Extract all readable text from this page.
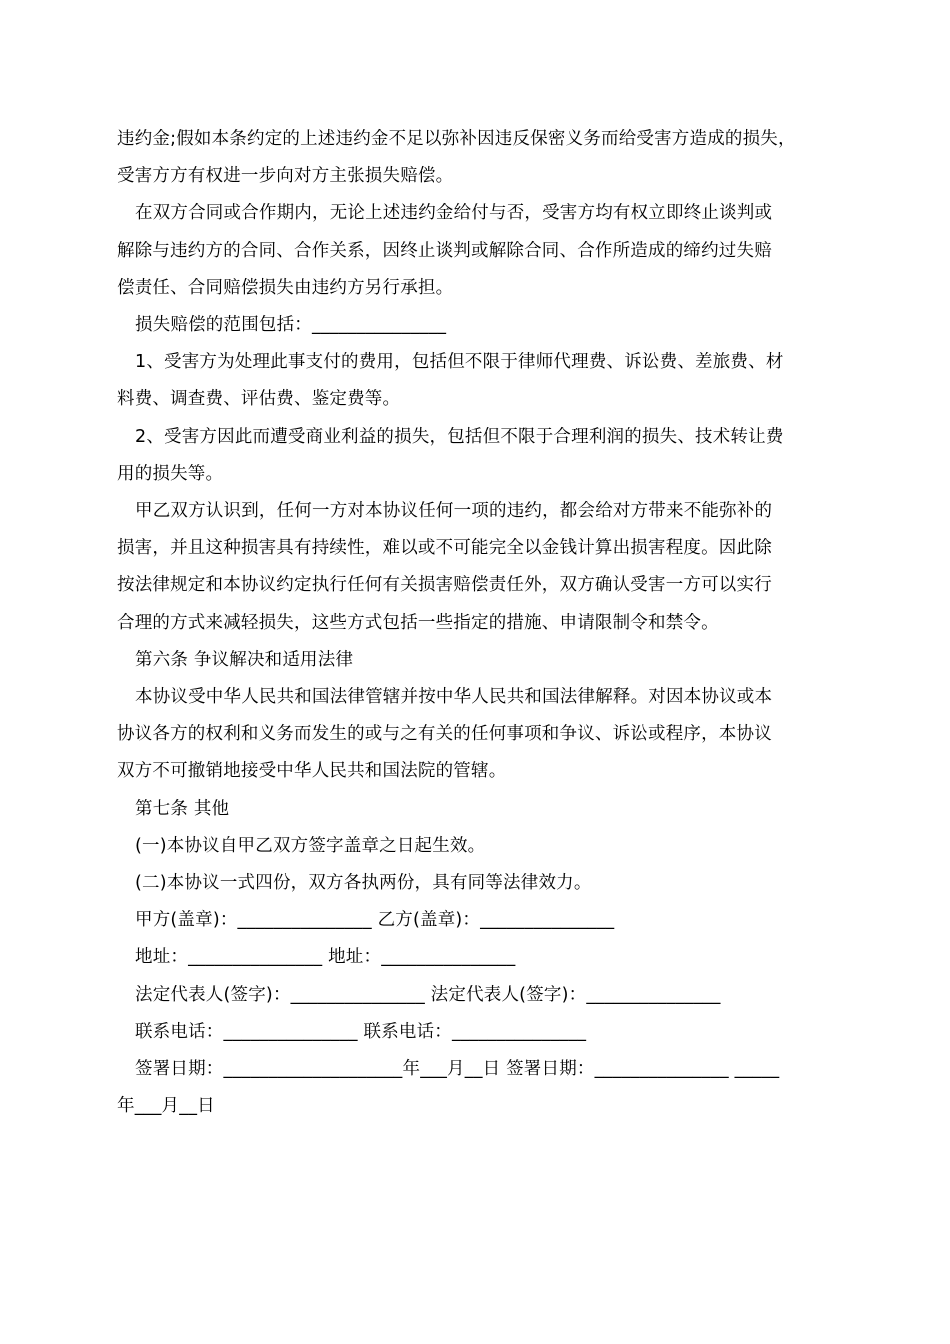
违约金;假如本条约定的上述违约金不足以弥补因违反保密义务而给受害方造成的损失，

受害方方有权进一步向对方主张损失赔偿。

在双方合同或合作期内，无论上述违约金给付与否，受害方均有权立即终止谈判或

解除与违约方的合同、合作关系，因终止谈判或解除合同、合作所造成的缔约过失赔

偿责任、合同赔偿损失由违约方另行承担。

损失赔偿的范围包括：_______________

1、受害方为处理此事支付的费用，包括但不限于律师代理费、诉讼费、差旅费、材

料费、调查费、评估费、鉴定费等。

2、受害方因此而遭受商业利益的损失，包括但不限于合理利润的损失、技术转让费

用的损失等。

甲乙双方认识到，任何一方对本协议任何一项的违约，都会给对方带来不能弥补的

损害，并且这种损害具有持续性，难以或不可能完全以金钱计算出损害程度。因此除

按法律规定和本协议约定执行任何有关损害赔偿责任外，双方确认受害一方可以实行

合理的方式来减轻损失，这些方式包括一些指定的措施、申请限制令和禁令。

第六条 争议解决和适用法律

本协议受中华人民共和国法律管辖并按中华人民共和国法律解释。对因本协议或本

协议各方的权利和义务而发生的或与之有关的任何事项和争议、诉讼或程序，本协议

双方不可撤销地接受中华人民共和国法院的管辖。

第七条 其他

(一)本协议自甲乙双方签字盖章之日起生效。

(二)本协议一式四份，双方各执两份，具有同等法律效力。

甲方(盖章)：_______________ 乙方(盖章)：_______________

地址：_______________ 地址：_______________

法定代表人(签字)：_______________ 法定代表人(签字)：_______________

联系电话：_______________ 联系电话：_______________

签署日期：____________________年___月__日 签署日期：_______________ _____

年___月__日
